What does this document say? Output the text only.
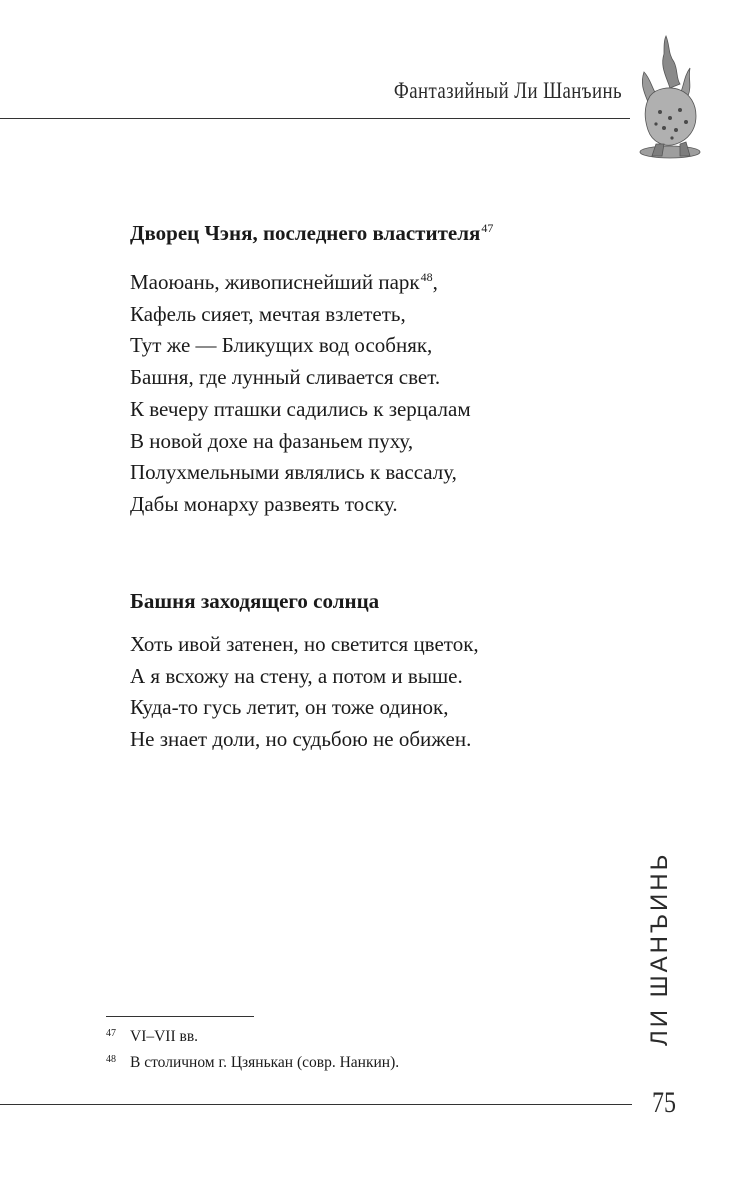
Фантазийный Ли Шанъинь
Дворец Чэня, последнего властителя$^{47}$
Маоюань, живописнейший парк$^{48}$,
Кафель сияет, мечтая взлететь,
Тут же — Бликущих вод особняк,
Башня, где лунный сливается свет.
К вечеру пташки садились к зерцалам
В новой дохе на фазаньем пуху,
Полухмельными являлись к вассалу,
Дабы монарху развеять тоску.
Башня заходящего солнца
Хоть ивой затенен, но светится цветок,
А я всхожу на стену, а потом и выше.
Куда-то гусь летит, он тоже одинок,
Не знает доли, но судьбою не обижен.
47 VI–VII вв.
48 В столичном г. Цзянькан (совр. Нанкин).
ЛИ ШАНЪИНЬ
75
